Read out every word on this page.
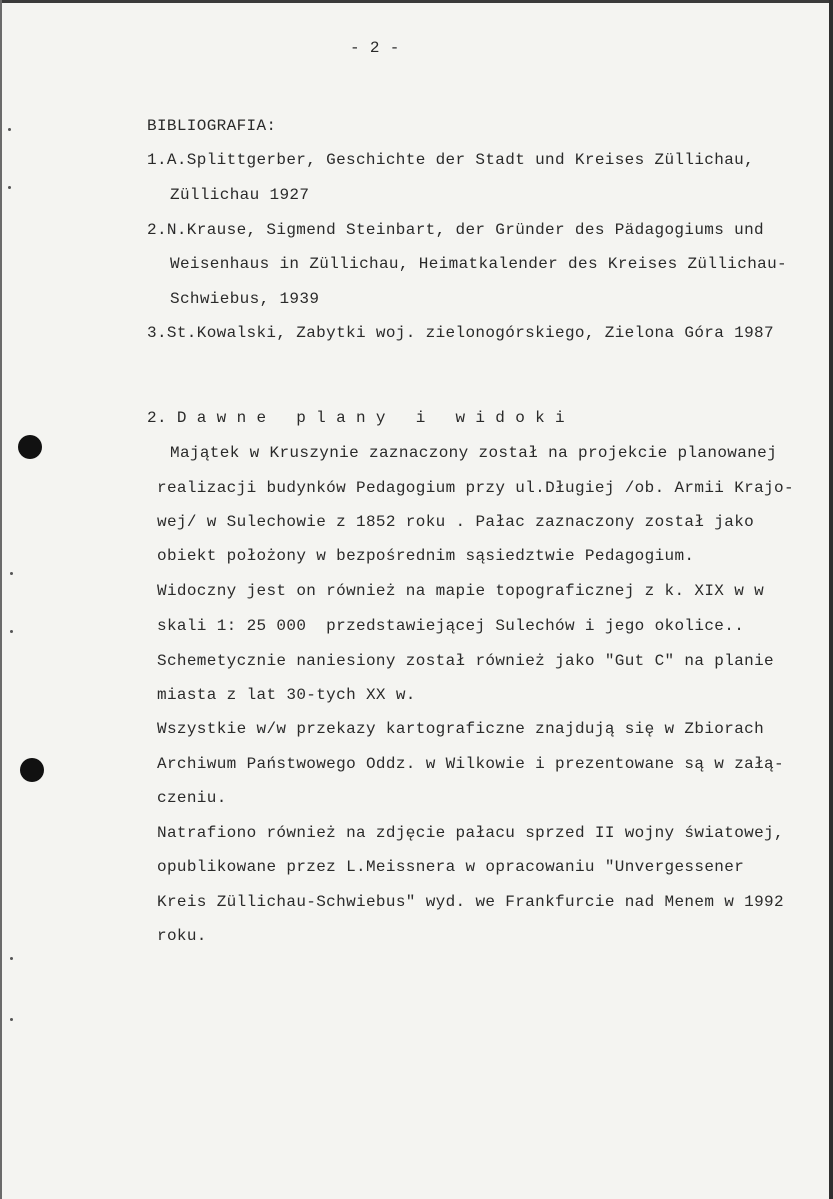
- 2 -
BIBLIOGRAFIA:
1.A.Splittgerber, Geschichte der Stadt und Kreises Züllichau,
Züllichau 1927
2.N.Krause, Sigmend Steinbart, der Gründer des Pädagogiums und
Weisenhaus in Züllichau, Heimatkalender des Kreises Züllichau-
Schwiebus, 1939
3.St.Kowalski, Zabytki woj. zielonogórskiego, Zielona Góra 1987
2. D a w n e   p l a n y   i   w i d o k i
Majątek w Kruszynie zaznaczony został na projekcie planowanej
realizacji budynków Pedagogium przy ul.Długiej /ob. Armii Krajo-
wej/ w Sulechowie z 1852 roku . Pałac zaznaczony został jako
obiekt położony w bezpośrednim sąsiedztwie Pedagogium.
Widoczny jest on również na mapie topograficznej z k. XIX w w
skali 1: 25 000  przedstawiejącej Sulechów i jego okolice..
Schemetycznie naniesiony został również jako "Gut C" na planie
miasta z lat 30-tych XX w.
Wszystkie w/w przekazy kartograficzne znajdują się w Zbiorach
Archiwum Państwowego Oddz. w Wilkowie i prezentowane są w załą-
czeniu.
Natrafiono również na zdjęcie pałacu sprzed II wojny światowej,
opublikowane przez L.Meissnera w opracowaniu "Unvergessener
Kreis Züllichau-Schwiebus" wyd. we Frankfurcie nad Menem w 1992
roku.
